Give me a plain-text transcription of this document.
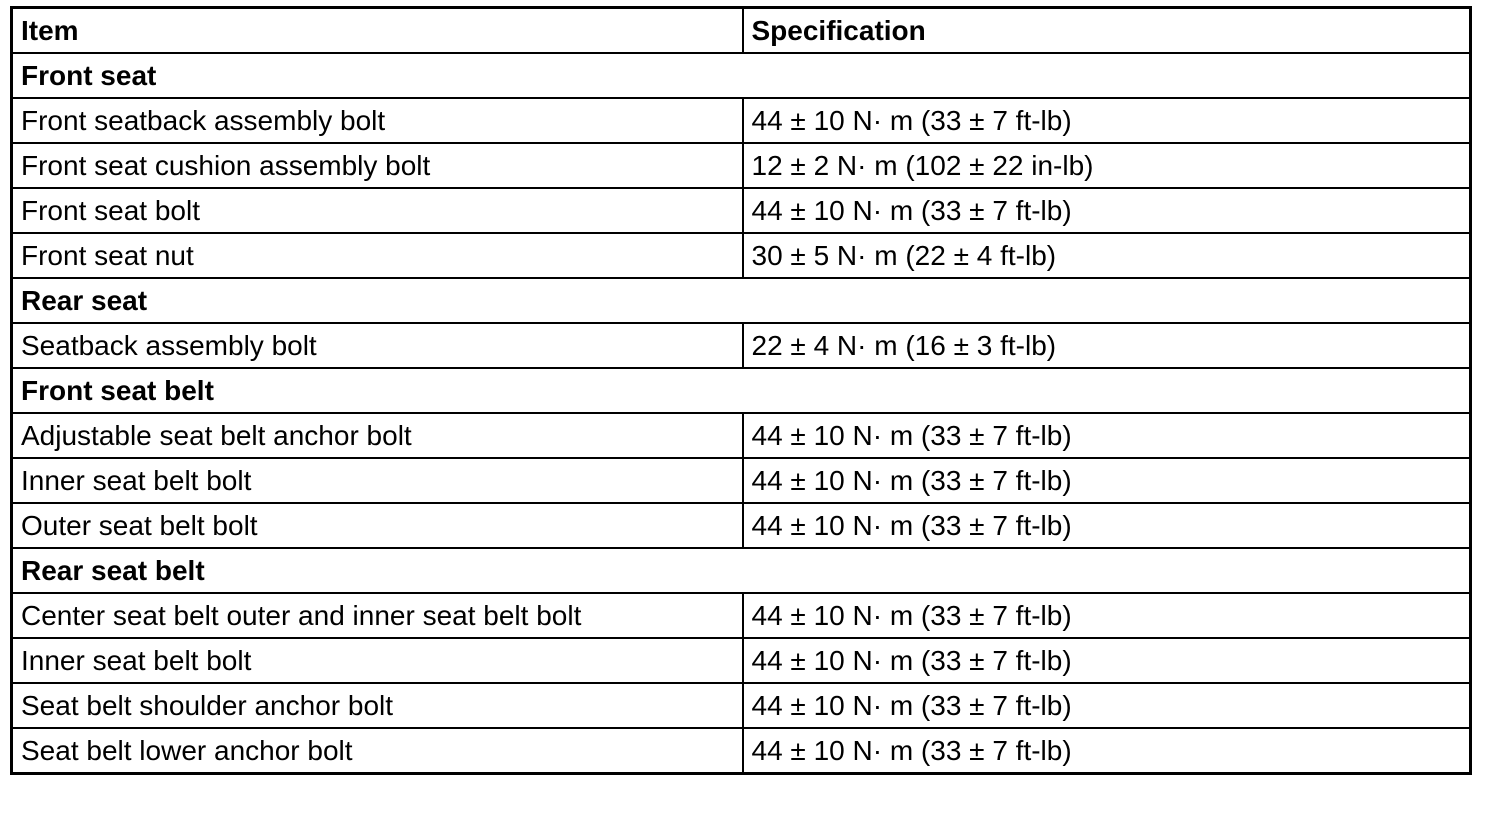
Item	Specification
Front seat	
Front seatback assembly bolt	44 ± 10 N· m (33 ± 7 ft-lb)
Front seat cushion assembly bolt	12 ± 2 N· m (102 ± 22 in-lb)
Front seat bolt	44 ± 10 N· m (33 ± 7 ft-lb)
Front seat nut	30 ± 5 N· m (22 ± 4 ft-lb)
Rear seat	
Seatback assembly bolt	22 ± 4 N· m (16 ± 3 ft-lb)
Front seat belt	
Adjustable seat belt anchor bolt	44 ± 10 N· m (33 ± 7 ft-lb)
Inner seat belt bolt	44 ± 10 N· m (33 ± 7 ft-lb)
Outer seat belt bolt	44 ± 10 N· m (33 ± 7 ft-lb)
Rear seat belt	
Center seat belt outer and inner seat belt bolt	44 ± 10 N· m (33 ± 7 ft-lb)
Inner seat belt bolt	44 ± 10 N· m (33 ± 7 ft-lb)
Seat belt shoulder anchor bolt	44 ± 10 N· m (33 ± 7 ft-lb)
Seat belt lower anchor bolt	44 ± 10 N· m (33 ± 7 ft-lb)
